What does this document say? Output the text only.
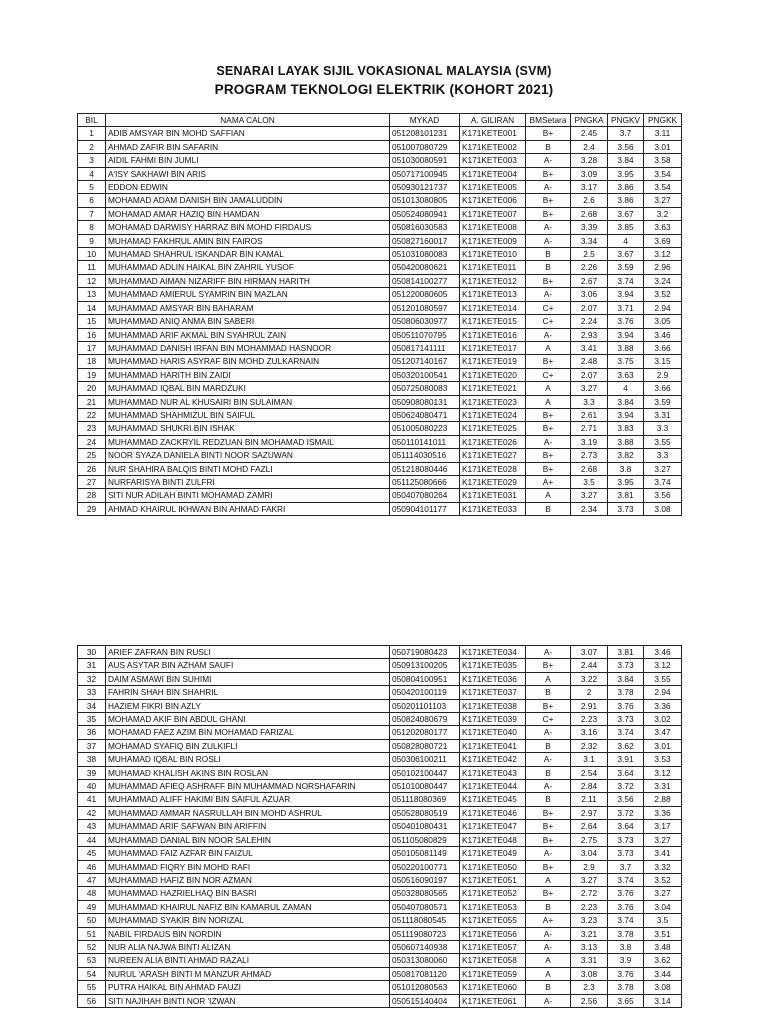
SENARAI LAYAK SIJIL VOKASIONAL MALAYSIA (SVM)
PROGRAM TEKNOLOGI ELEKTRIK (KOHORT 2021)
BIL	NAMA CALON	MYKAD	A. GILIRAN	BMSetara	PNGKA	PNGKV	PNGKK
1	ADIB AMSYAR BIN MOHD SAFFIAN	051208101231	K171KETE001	B+	2.45	3.7	3.11
2	AHMAD ZAFIR BIN SAFARIN	051007080729	K171KETE002	B	2.4	3.56	3.01
3	AIDIL FAHMI BIN JUMLI	051030080591	K171KETE003	A-	3.28	3.84	3.58
4	A'ISY SAKHAWI BIN ARIS	050717100945	K171KETE004	B+	3.09	3.95	3.54
5	EDDON EDWIN	050930121737	K171KETE005	A-	3.17	3.86	3.54
6	MOHAMAD ADAM DANISH BIN JAMALUDDIN	051013080805	K171KETE006	B+	2.6	3.86	3.27
7	MOHAMAD AMAR HAZIQ BIN HAMDAN	050524080941	K171KETE007	B+	2.68	3.67	3.2
8	MOHAMAD DARWISY HARRAZ BIN MOHD FIRDAUS	050816030583	K171KETE008	A-	3.39	3.85	3.63
9	MUHAMAD FAKHRUL AMIN BIN FAIROS	050827160017	K171KETE009	A-	3.34	4	3.69
10	MUHAMAD SHAHRUL ISKANDAR BIN KAMAL	051031080083	K171KETE010	B	2.5	3.67	3.12
11	MUHAMMAD ADLIN HAIKAL BIN ZAHRIL YUSOF	050420080621	K171KETE011	B	2.26	3.59	2.96
12	MUHAMMAD AIMAN NIZARIFF BIN HIRMAN HARITH	050814100277	K171KETE012	B+	2.67	3.74	3.24
13	MUHAMMAD AMIERUL SYAMRIN BIN MAZLAN	051220080605	K171KETE013	A-	3.06	3.94	3.52
14	MUHAMMAD AMSYAR BIN BAHARAM	051201080597	K171KETE014	C+	2.07	3.71	2.94
15	MUHAMMAD ANIQ ANMA BIN SABERI	050806030977	K171KETE015	C+	2.24	3.76	3.05
16	MUHAMMAD ARIF AKMAL BIN SYAHRUL ZAIN	050511070795	K171KETE016	A-	2.93	3.94	3.46
17	MUHAMMAD DANISH IRFAN BIN MOHAMMAD HASNOOR	050817141111	K171KETE017	A	3.41	3.88	3.66
18	MUHAMMAD HARIS ASYRAF BIN MOHD ZULKARNAIN	051207140167	K171KETE019	B+	2.48	3.75	3.15
19	MUHAMMAD HARITH BIN ZAIDI	050320100541	K171KETE020	C+	2.07	3.63	2.9
20	MUHAMMAD IQBAL BIN MARDZUKI	050725080083	K171KETE021	A	3.27	4	3.66
21	MUHAMMAD NUR AL KHUSAIRI BIN SULAIMAN	050908080131	K171KETE023	A	3.3	3.84	3.59
22	MUHAMMAD SHAHMIZUL BIN SAIFUL	050624080471	K171KETE024	B+	2.61	3.94	3.31
23	MUHAMMAD SHUKRI BIN ISHAK	051005080223	K171KETE025	B+	2.71	3.83	3.3
24	MUHAMMAD ZACKRYIL REDZUAN BIN MOHAMAD ISMAIL	050110141011	K171KETE026	A-	3.19	3.88	3.55
25	NOOR SYAZA DANIELA BINTI NOOR SAZUWAN	051114030516	K171KETE027	B+	2.73	3.82	3.3
26	NUR SHAHIRA BALQIS BINTI MOHD FAZLI	051218080446	K171KETE028	B+	2.68	3.8	3.27
27	NURFARISYA BINTI ZULFRI	051125080666	K171KETE029	A+	3.5	3.95	3.74
28	SITI NUR ADILAH BINTI MOHAMAD ZAMRI	050407080264	K171KETE031	A	3.27	3.81	3.56
29	AHMAD KHAIRUL IKHWAN BIN AHMAD FAKRI	050904101177	K171KETE033	B	2.34	3.73	3.08
30	ARIEF ZAFRAN BIN RUSLI	050719080423	K171KETE034	A-	3.07	3.81	3.46
31	AUS ASYTAR BIN AZHAM SAUFI	050913100205	K171KETE035	B+	2.44	3.73	3.12
32	DAIM ASMAWI BIN SUHIMI	050804100951	K171KETE036	A	3.22	3.84	3.55
33	FAHRIN SHAH BIN SHAHRIL	050420100119	K171KETE037	B	2	3.78	2.94
34	HAZIEM FIKRI BIN AZLY	050201101103	K171KETE038	B+	2.91	3.76	3.36
35	MOHAMAD AKIF BIN ABDUL GHANI	050824080679	K171KETE039	C+	2.23	3.73	3.02
36	MOHAMAD FAEZ AZIM BIN MOHAMAD FARIZAL	051202080177	K171KETE040	A-	3.16	3.74	3.47
37	MOHAMAD SYAFIQ BIN ZULKIFLI	050828080721	K171KETE041	B	2.32	3.62	3.01
38	MUHAMAD IQBAL BIN ROSLI	050306100211	K171KETE042	A-	3.1	3.91	3.53
39	MUHAMAD KHALISH AKINS BIN ROSLAN	050102100447	K171KETE043	B	2.54	3.64	3.12
40	MUHAMMAD AFIEQ ASHRAFF BIN MUHAMMAD NORSHAFARIN	051010080447	K171KETE044	A-	2.84	3.72	3.31
41	MUHAMMAD ALIFF HAKIMI BIN SAIFUL AZUAR	051118080369	K171KETE045	B	2.11	3.56	2.88
42	MUHAMMAD AMMAR NASRULLAH BIN MOHD ASHRUL	050528080519	K171KETE046	B+	2.97	3.72	3.36
43	MUHAMMAD ARIF SAFWAN BIN ARIFFIN	050401080431	K171KETE047	B+	2.64	3.64	3.17
44	MUHAMMAD DANIAL BIN NOOR SALEHIN	051105080829	K171KETE048	B+	2.75	3.73	3.27
45	MUHAMMAD FAIZ AZFAR BIN FAIZUL	050105081149	K171KETE049	A-	3.04	3.73	3.41
46	MUHAMMAD FIQRY BIN MOHD RAFI	050220100771	K171KETE050	B+	2.9	3.7	3.32
47	MUHAMMAD HAFIZ BIN NOR AZMAN	050516090197	K171KETE051	A	3.27	3.74	3.52
48	MUHAMMAD HAZRIELHAQ BIN BASRI	050328080565	K171KETE052	B+	2.72	3.76	3.27
49	MUHAMMAD KHAIRUL NAFIZ BIN KAMARUL ZAMAN	050407080571	K171KETE053	B	2.23	3.76	3.04
50	MUHAMMAD SYAKIR BIN NORIZAL	051118080545	K171KETE055	A+	3.23	3.74	3.5
51	NABIL FIRDAUS BIN NORDIN	051119080723	K171KETE056	A-	3.21	3.78	3.51
52	NUR ALIA NAJWA BINTI ALIZAN	050607140938	K171KETE057	A-	3.13	3.8	3.48
53	NUREEN ALIA BINTI AHMAD RAZALI	050313080060	K171KETE058	A	3.31	3.9	3.62
54	NURUL 'ARASH BINTI M MANZUR AHMAD	050817081120	K171KETE059	A	3.08	3.76	3.44
55	PUTRA HAIKAL BIN AHMAD FAUZI	051012080563	K171KETE060	B	2.3	3.78	3.08
56	SITI NAJIHAH BINTI NOR 'IZWAN	050515140404	K171KETE061	A-	2.56	3.65	3.14
